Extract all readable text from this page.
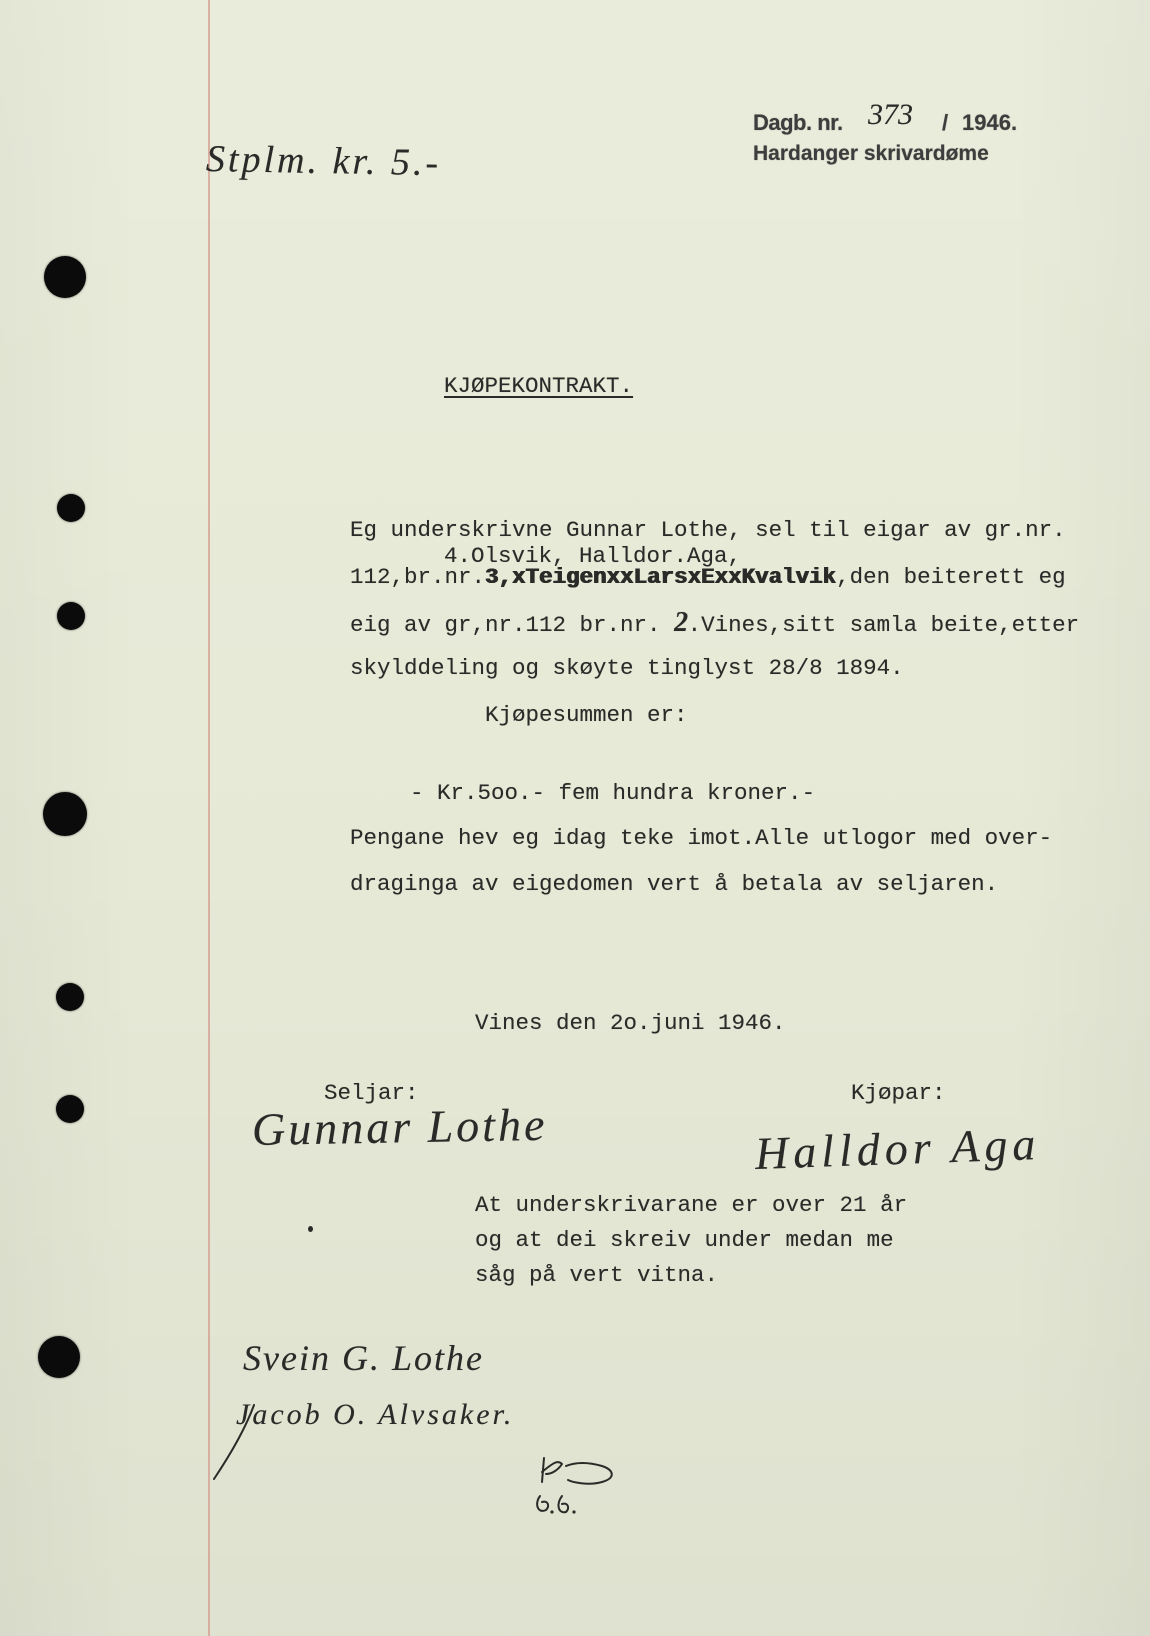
Dagb. nr. 373 / 1946.
Hardanger skrivardøme
Stplm. kr. 5.-
KJØPEKONTRAKT.
Eg underskrivne Gunnar Lothe, sel til eigar av gr.nr.
4.Olsvik, Halldor.Aga,
112,br.nr.3,xTeigenxxLarsxExxKvalvik,den beiterett eg
eig av gr,nr.112 br.nr. 2.Vines,sitt samla beite,etter
skylddeling og skøyte tinglyst 28/8 1894.
Kjøpesummen er:
- Kr.5oo.- fem hundra kroner.-
Pengane hev eg idag teke imot.Alle utlogor med over-
draginga av eigedomen vert å betala av seljaren.
Vines den 2o.juni 1946.
Seljar:	Kjøpar:
Gunnar Lothe	Halldor Aga
At underskrivarane er over 21 år
og at dei skreiv under medan me
såg på vert vitna.
Svein G. Lothe
Jacob O. Alvsaker.
